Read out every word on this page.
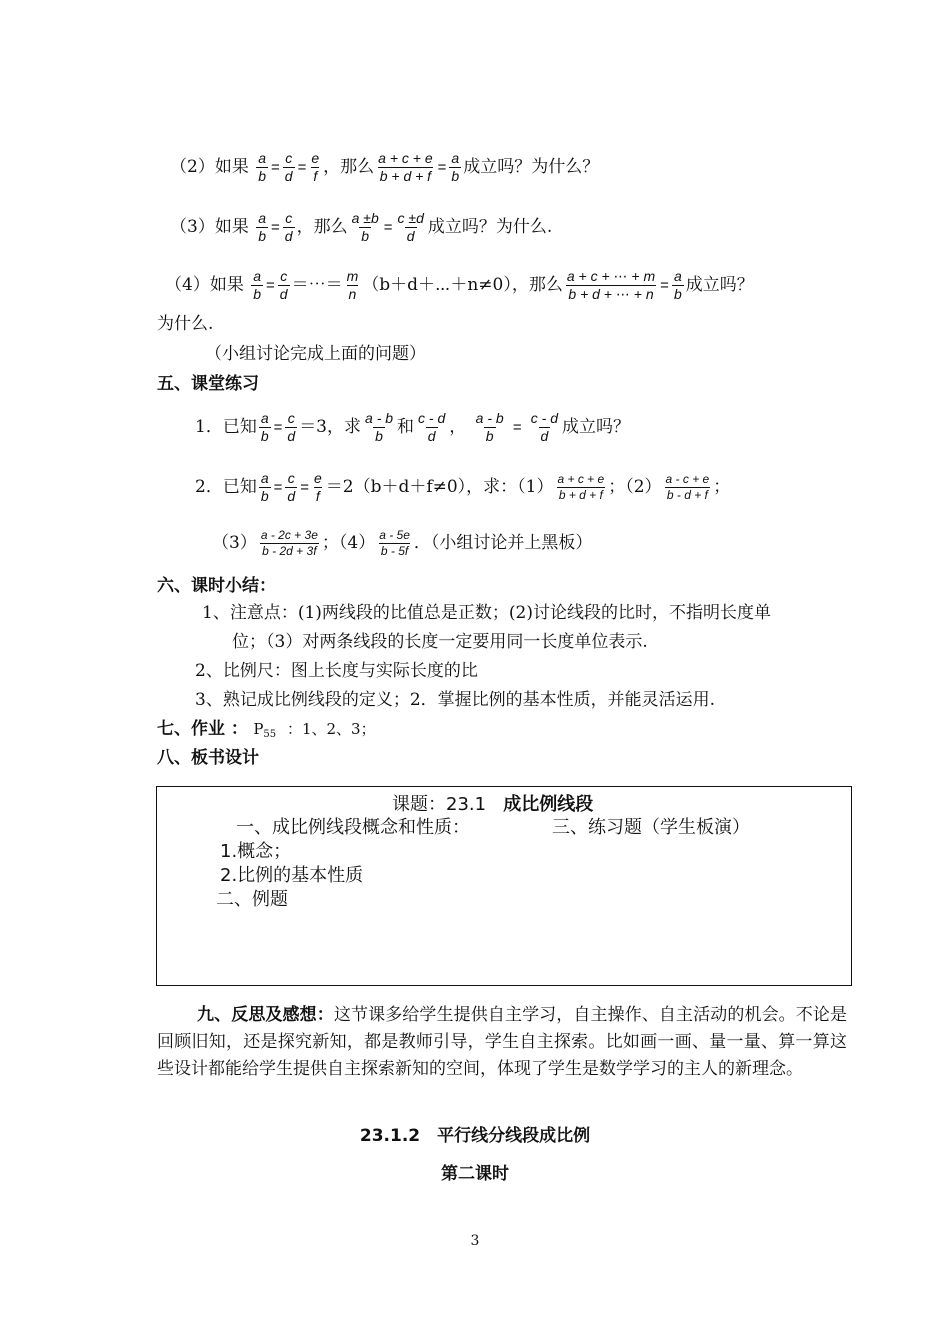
（2）如果 $\frac{a}{b} = \frac{c}{d} = \frac{e}{f}$ ，那么 $\frac{a + c + e}{b + d + f} = \frac{a}{b}$ 成立吗？为什么？
（3）如果 $\frac{a}{b} = \frac{c}{d}$ ，那么 $\frac{a \pm b}{b} = \frac{c \pm d}{d}$ 成立吗？为什么.
（4）如果 $\frac{a}{b} = \frac{c}{d}$ ＝⋯＝ $\frac{m}{n}$ （b＋d＋⋯＋n≠0），那么 $\frac{a + c + \cdots + m}{b + d + \cdots + n} = \frac{a}{b}$ 成立吗？
为什么.
（小组讨论完成上面的问题）
五、课堂练习
1．已知 $\frac{a}{b} = \frac{c}{d} =3$，求 $\frac{a - b}{b}$ 和 $\frac{c - d}{d}$ ， $\frac{a - b}{b} = \frac{c - d}{d}$ 成立吗？
2．已知 $\frac{a}{b} = \frac{c}{d} = \frac{e}{f} =2(b+d+f\ne 0)$，求：$(1) \frac{a + c + e}{b + d + f}$ ；$(2) \frac{a - c + e}{b - d + f}$ ；
$(3) \frac{a - 2c + 3e}{b - 2d + 3f}$ ；$(4) \frac{a - 5e}{b - 5f}$ ．（小组讨论并上黑板）
六、课时小结：
1、注意点：(1)两线段的比值总是正数；(2)讨论线段的比时，不指明长度单
位；（3）对两条线段的长度一定要用同一长度单位表示.
2、比例尺：图上长度与实际长度的比
3、熟记成比例线段的定义；2．掌握比例的基本性质，并能灵活运用.
七、作业 ： $P_{55}$ ：1、2、3；
八、板书设计
课题：23.1 成比例线段
一、成比例线段概念和性质：	三、练习题（学生板演）
1.概念；
2.比例的基本性质
二、例题
九、反思及感想：这节课多给学生提供自主学习，自主操作、自主活动的机会。不论是回顾旧知，还是探究新知，都是教师引导，学生自主探索。比如画一画、量一量、算一算这些设计都能给学生提供自主探索新知的空间，体现了学生是数学学习的主人的新理念。
23.1.2　平行线分线段成比例
第二课时
3
